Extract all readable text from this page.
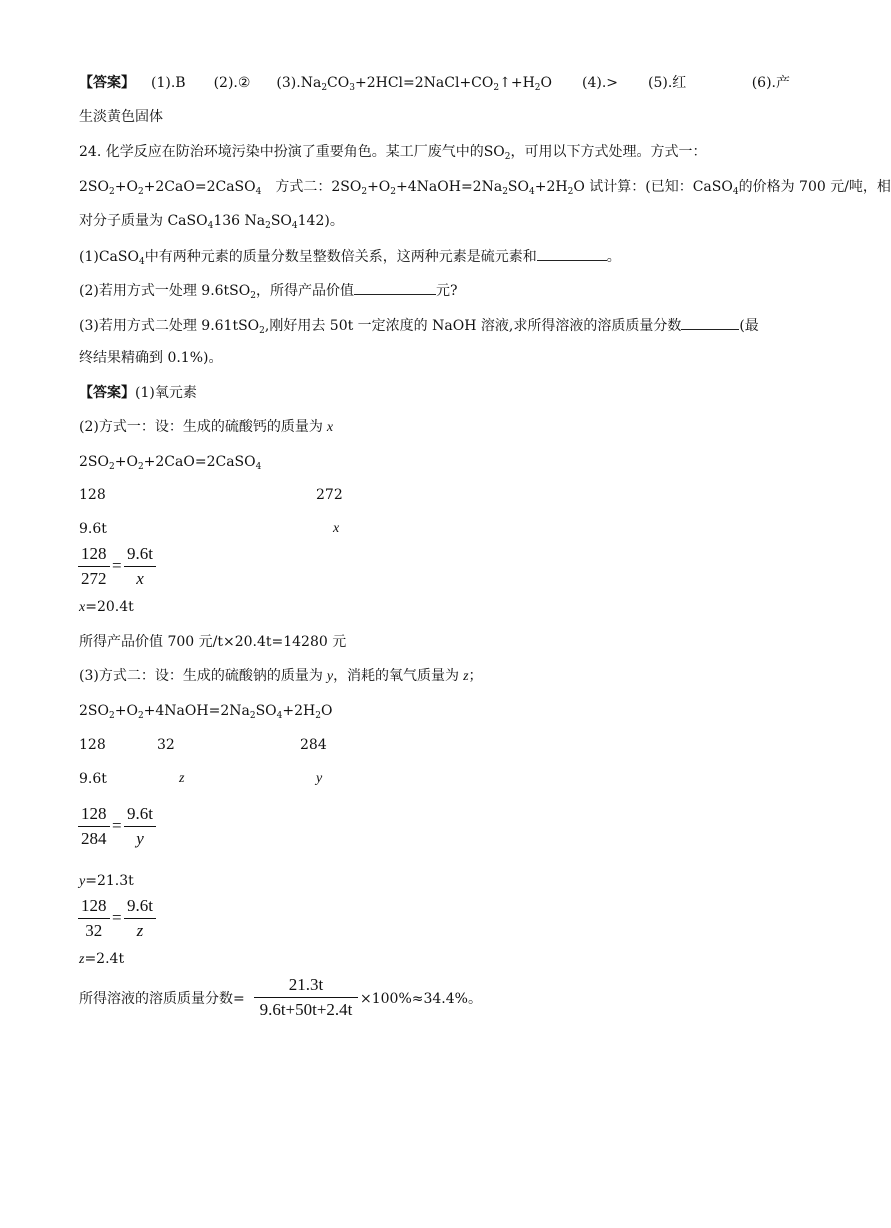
【答案】 (1).B (2).② $(3).Na_2CO_3+2HCl=2NaCl+CO_2↑+H_2O$ (4).> (5).红	(6).产
生淡黄色固体
24. 化学反应在防治环境污染中扮演了重要角色。某工厂废气中的$SO_2$，可用以下方式处理。方式一：
$2SO_2+O_2+2CaO=2CaSO_4$ 方式二：$2SO_2+O_2+4NaOH=2Na_2SO_4+2H_2O$ 试计算：(已知：CaSO$_4$的价格为 700 元/吨，相
对分子质量为 CaSO$_4$136 $Na_2SO_4142$)。
(1)CaSO$_4$中有两种元素的质量分数呈整数倍关系，这两种元素是硫元素和	。
(2)若用方式一处理 9.6tSO$_2$，所得产品价值	元?
(3)若用方式二处理 9.61tSO$_2$,刚好用去 50t 一定浓度的 NaOH 溶液,求所得溶液的溶质质量分数	(最
终结果精确到 0.1%)。
【答案】(1)氧元素
(2)方式一：设：生成的硫酸钙的质量为 x
$2SO_2+O_2+2CaO=2CaSO_4$
128	272
9.6t	x
128
272
=
9.6t
x
x=20.4t
所得产品价值 700 元/t×20.4t=14280 元
(3)方式二：设：生成的硫酸钠的质量为 y，消耗的氧气质量为 z；
$2SO_2+O_2+4NaOH=2Na_2SO_4+2H_2O$
128	32	284
9.6t	z	y
128
284
=
9.6t
y
y=21.3t
128
32
=
9.6t
z
z=2.4t
所得溶液的溶质质量分数=
21.3t
9.6t+50t+2.4t
×100%≈34.4%。
